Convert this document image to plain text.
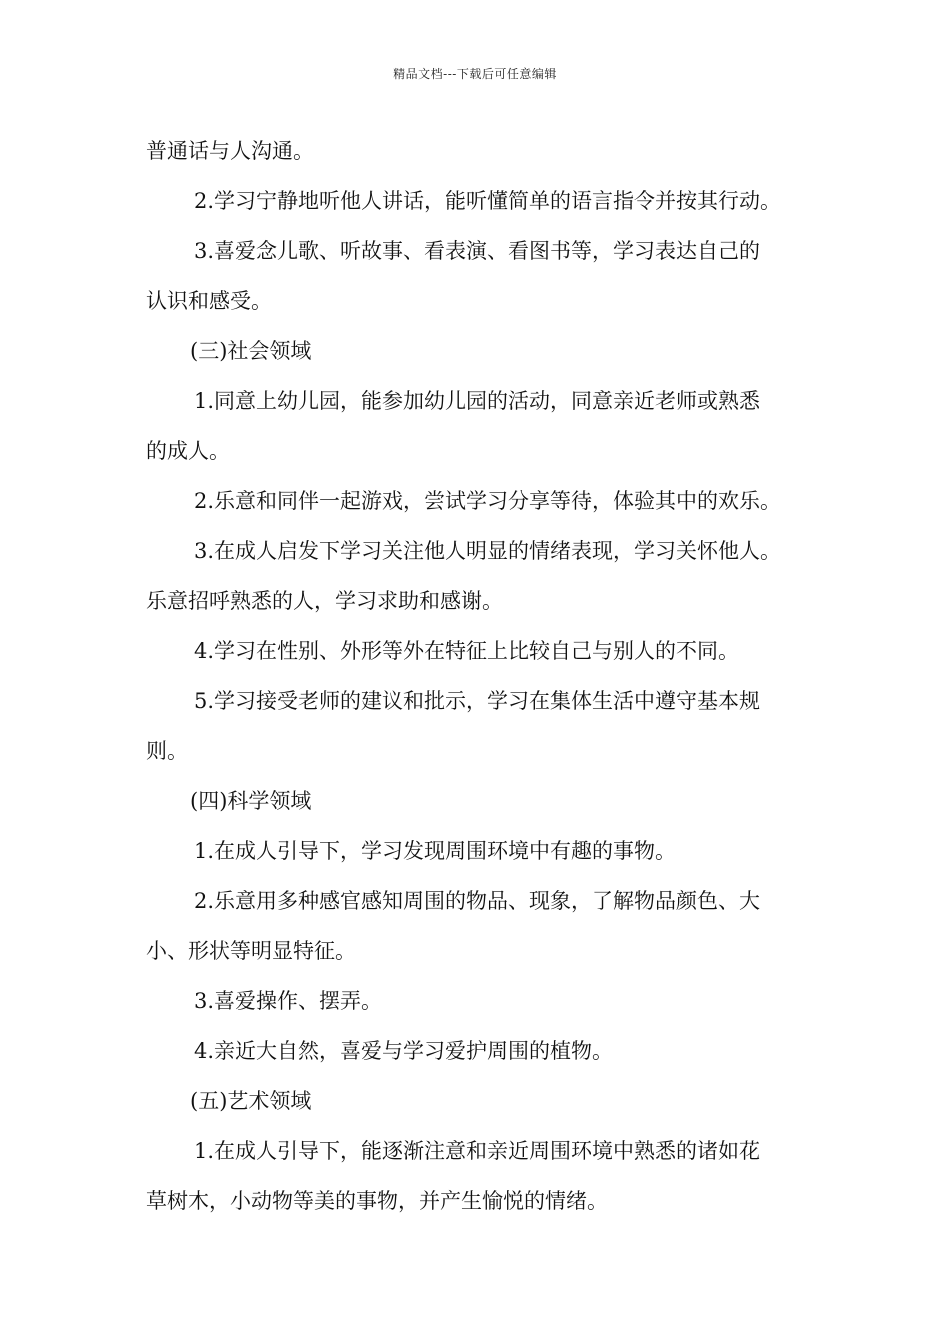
精品文档---下载后可任意编辑
普通话与人沟通。
2.学习宁静地听他人讲话，能听懂简单的语言指令并按其行动。
3.喜爱念儿歌、听故事、看表演、看图书等，学习表达自己的
认识和感受。
(三)社会领域
1.同意上幼儿园，能参加幼儿园的活动，同意亲近老师或熟悉
的成人。
2.乐意和同伴一起游戏，尝试学习分享等待，体验其中的欢乐。
3.在成人启发下学习关注他人明显的情绪表现，学习关怀他人。
乐意招呼熟悉的人，学习求助和感谢。
4.学习在性别、外形等外在特征上比较自己与别人的不同。
5.学习接受老师的建议和批示，学习在集体生活中遵守基本规
则。
(四)科学领域
1.在成人引导下，学习发现周围环境中有趣的事物。
2.乐意用多种感官感知周围的物品、现象，了解物品颜色、大
小、形状等明显特征。
3.喜爱操作、摆弄。
4.亲近大自然，喜爱与学习爱护周围的植物。
(五)艺术领域
1.在成人引导下，能逐渐注意和亲近周围环境中熟悉的诸如花
草树木，小动物等美的事物，并产生愉悦的情绪。
